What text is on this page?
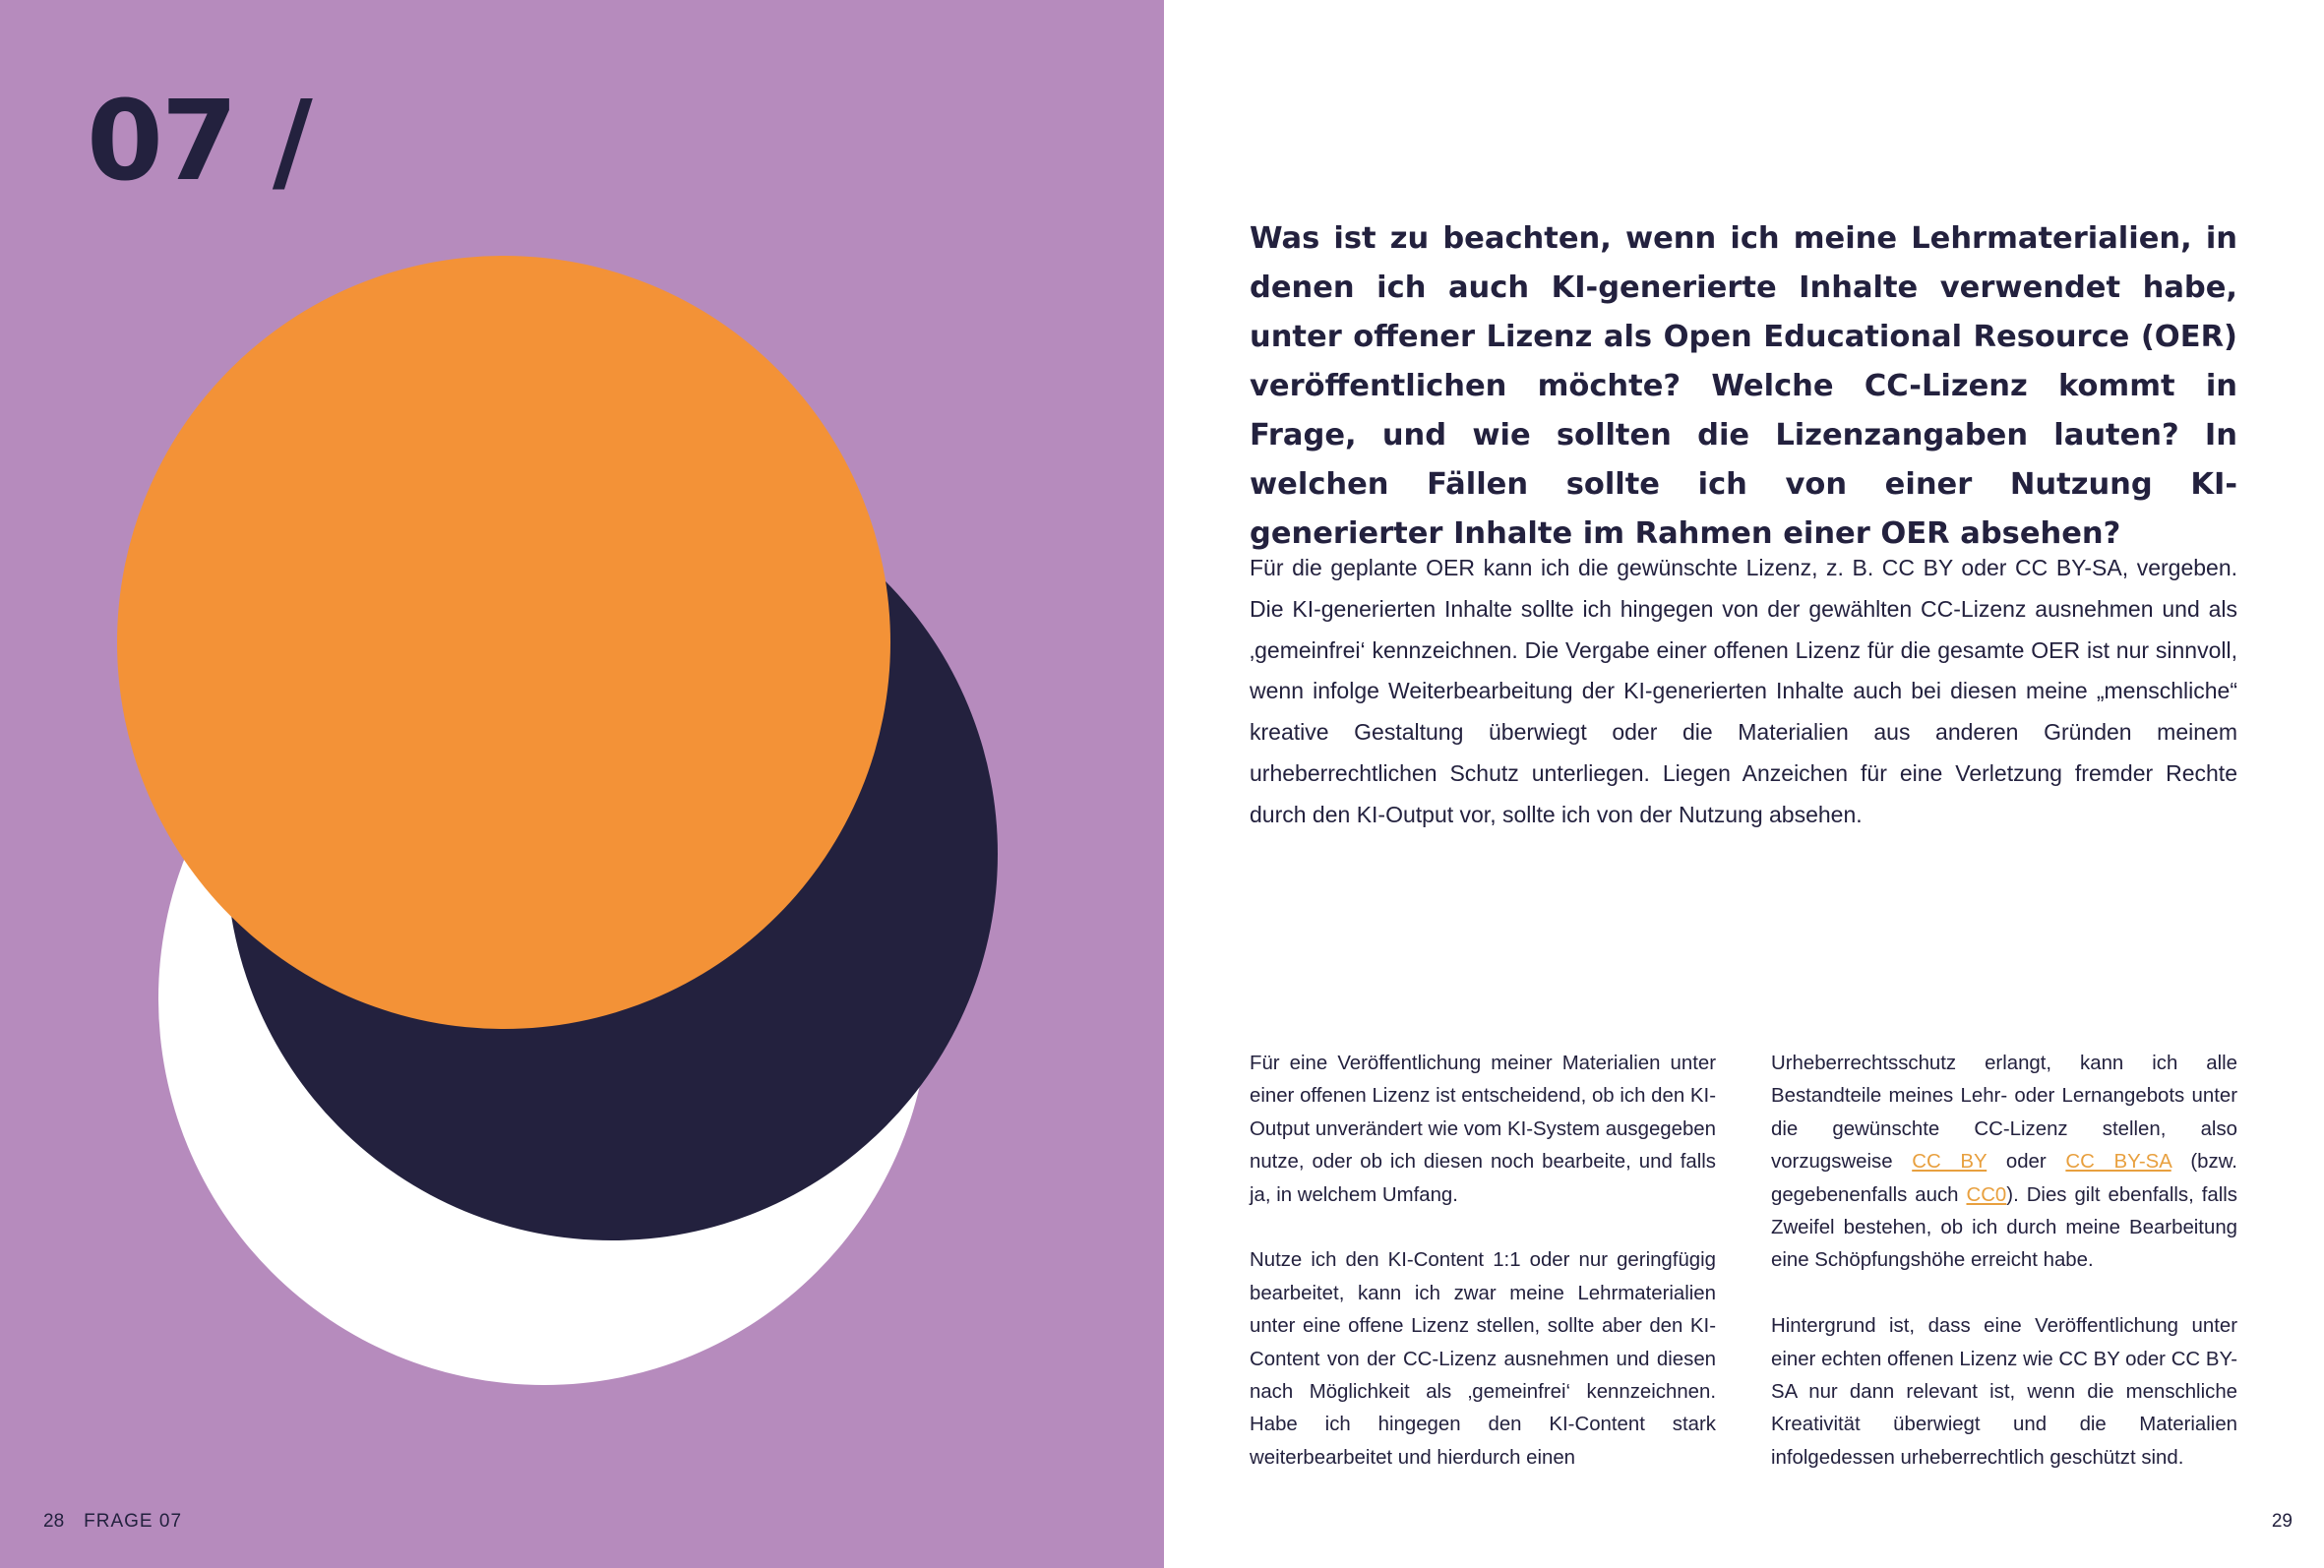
07 /
28 FRAGE 07

Was ist zu beachten, wenn ich meine Lehrmaterialien, in denen ich auch KI-generierte Inhalte verwendet habe, unter offener Lizenz als Open Educational Resource (OER) veröffentlichen möchte? Welche CC-Lizenz kommt in Frage, und wie sollten die Lizenzangaben lauten? In welchen Fällen sollte ich von einer Nutzung KI-generierter Inhalte im Rahmen einer OER absehen?

Für die geplante OER kann ich die gewünschte Lizenz, z. B. CC BY oder CC BY-SA, vergeben. Die KI-generierten Inhalte sollte ich hingegen von der gewählten CC-Lizenz ausnehmen und als ‚gemeinfrei‘ kennzeichnen. Die Vergabe einer offenen Lizenz für die gesamte OER ist nur sinnvoll, wenn infolge Weiterbearbeitung der KI-generierten Inhalte auch bei diesen meine „menschliche“ kreative Gestaltung überwiegt oder die Materialien aus anderen Gründen meinem urheberrechtlichen Schutz unterliegen. Liegen Anzeichen für eine Verletzung fremder Rechte durch den KI-Output vor, sollte ich von der Nutzung absehen.

Für eine Veröffentlichung meiner Materialien unter einer offenen Lizenz ist entscheidend, ob ich den KI-Output unverändert wie vom KI-System ausgegeben nutze, oder ob ich diesen noch bearbeite, und falls ja, in welchem Umfang.

Nutze ich den KI-Content 1:1 oder nur geringfügig bearbeitet, kann ich zwar meine Lehrmaterialien unter eine offene Lizenz stellen, sollte aber den KI-Content von der CC-Lizenz ausnehmen und diesen nach Möglichkeit als ‚gemeinfrei‘ kennzeichnen. Habe ich hingegen den KI-Content stark weiterbearbeitet und hierdurch einen

Urheberrechtsschutz erlangt, kann ich alle Bestandteile meines Lehr- oder Lernangebots unter die gewünschte CC-Lizenz stellen, also vorzugsweise CC BY oder CC BY-SA (bzw. gegebenenfalls auch CC0). Dies gilt ebenfalls, falls Zweifel bestehen, ob ich durch meine Bearbeitung eine Schöpfungshöhe erreicht habe.

Hintergrund ist, dass eine Veröffentlichung unter einer echten offenen Lizenz wie CC BY oder CC BY-SA nur dann relevant ist, wenn die menschliche Kreativität überwiegt und die Materialien infolgedessen urheberrechtlich geschützt sind.

29
